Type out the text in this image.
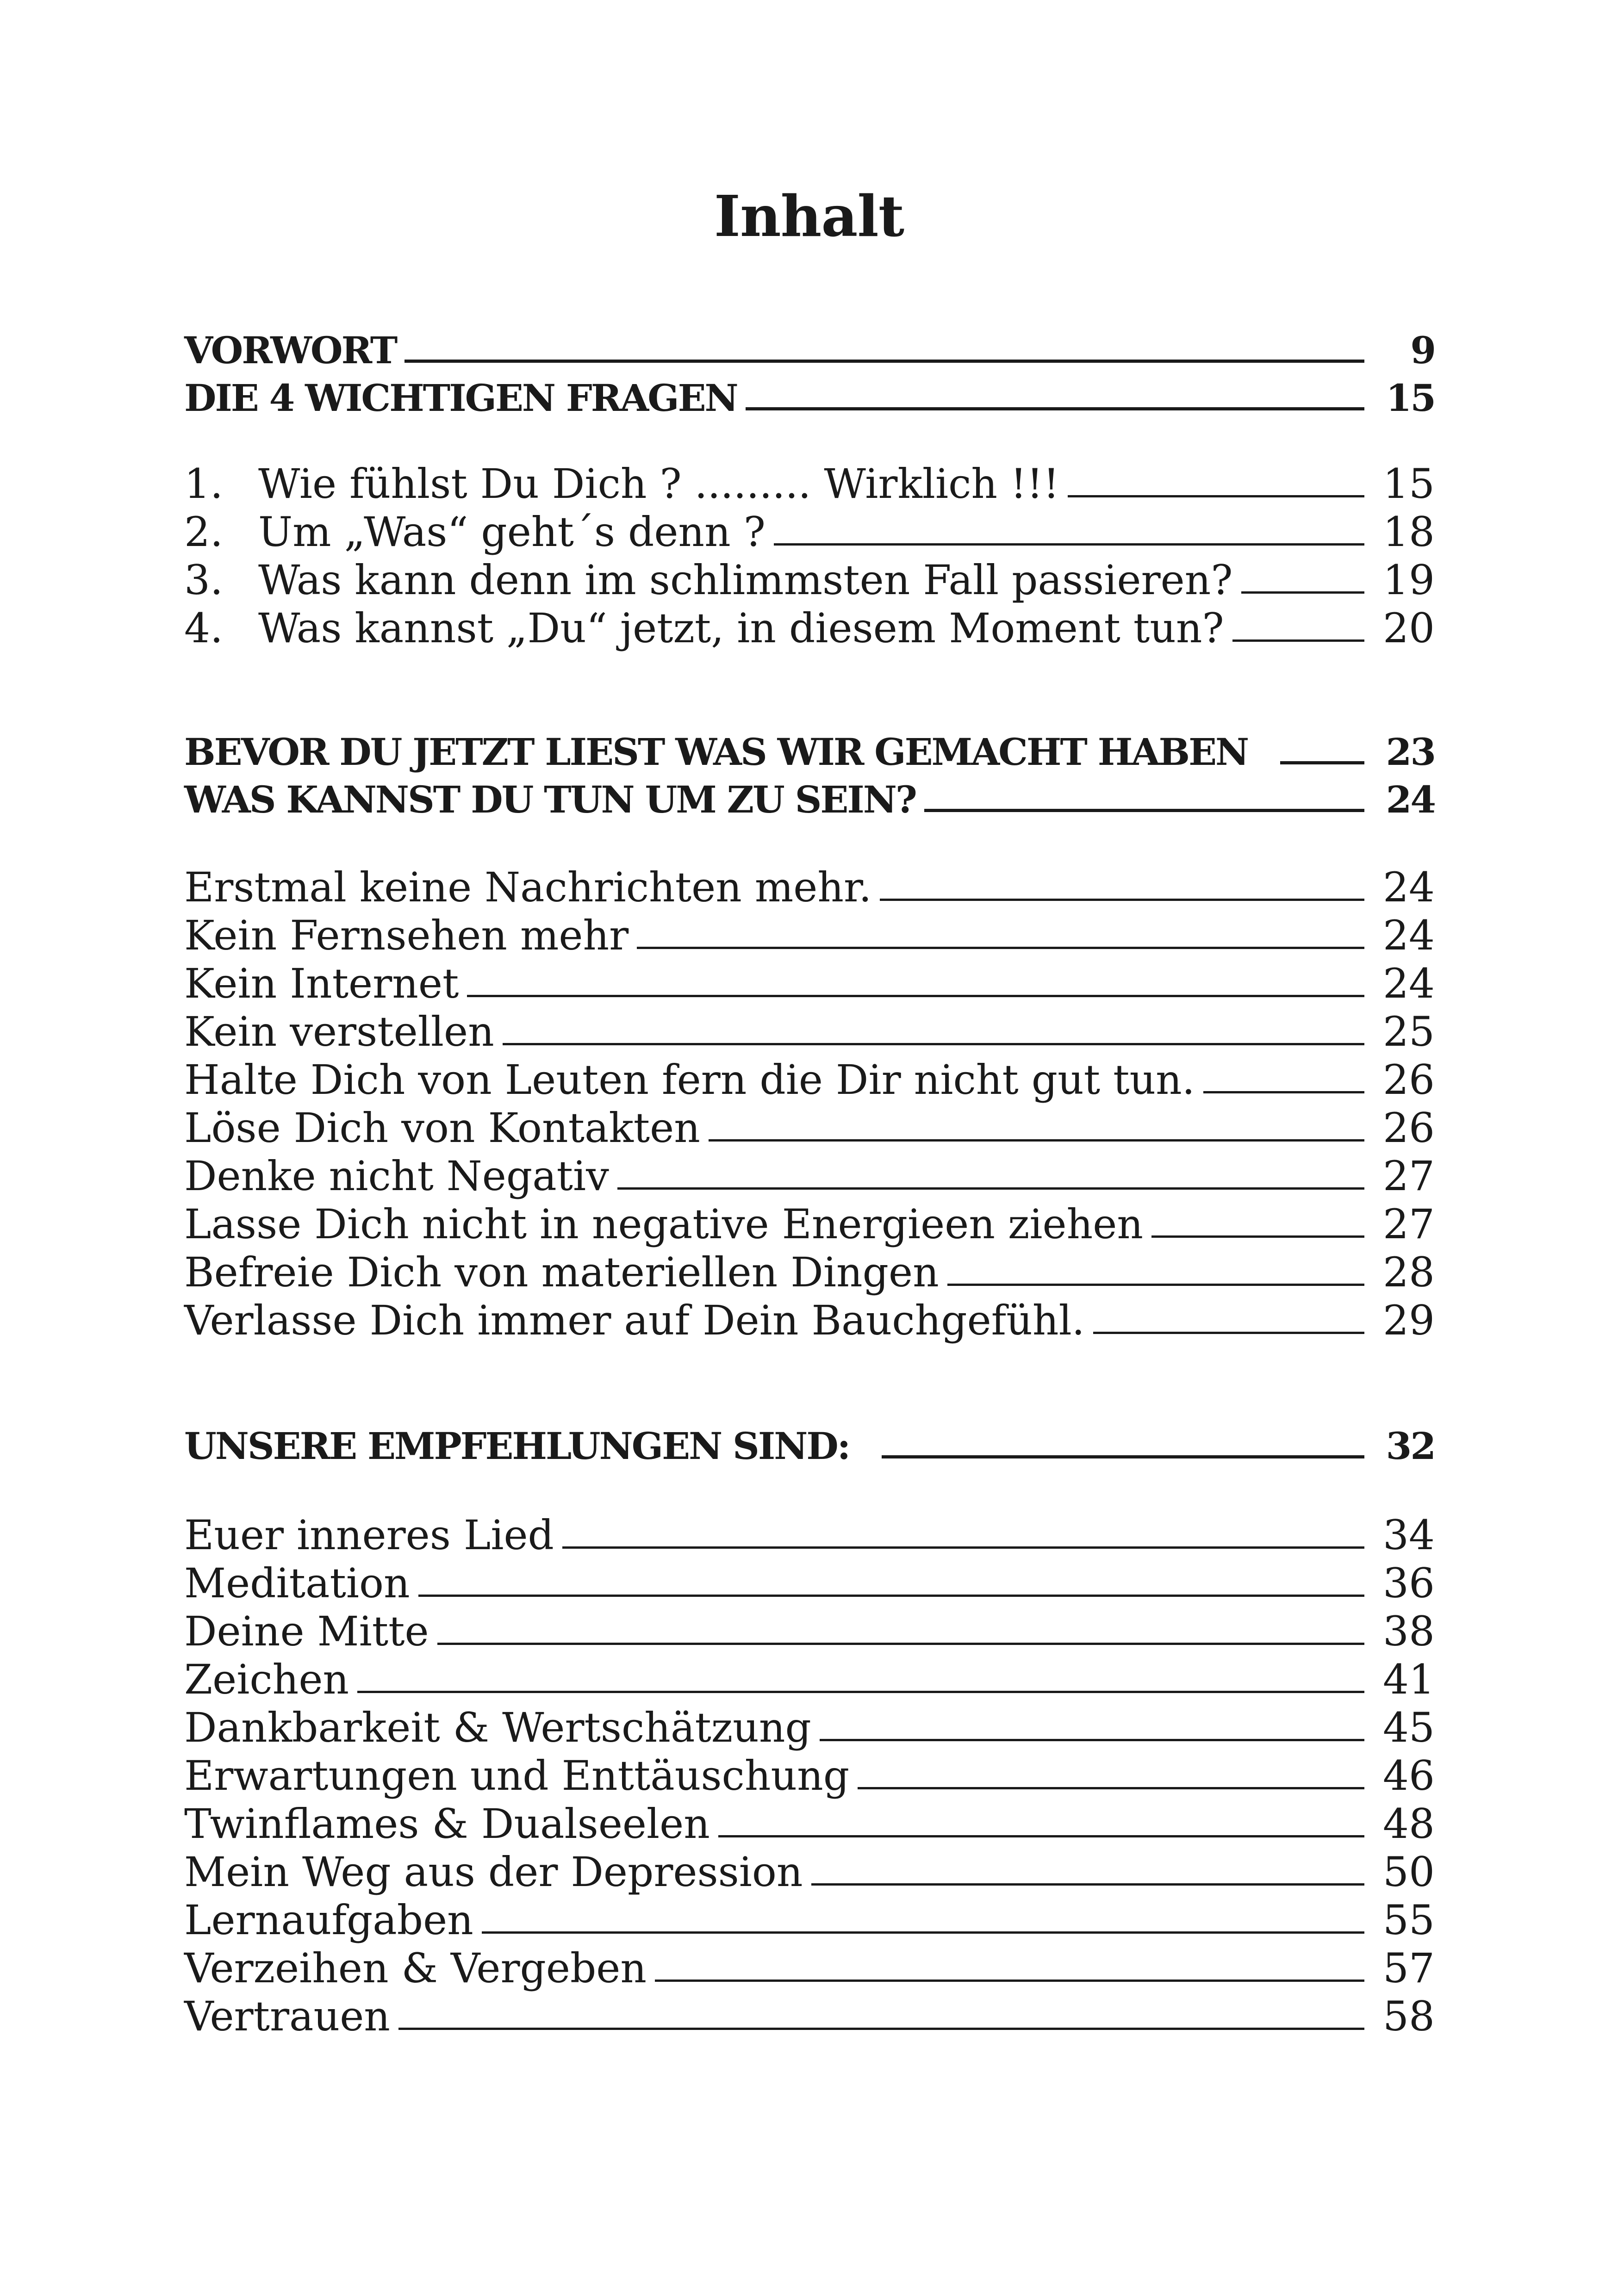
Inhalt
VORWORT	9
DIE 4 WICHTIGEN FRAGEN	15
1. Wie fühlst Du Dich ? ......... Wirklich !!!	15
2. Um „Was“ geht´s denn ?	18
3. Was kann denn im schlimmsten Fall passieren?	19
4. Was kannst „Du“ jetzt, in diesem Moment tun?	20
BEVOR DU JETZT LIEST WAS WIR GEMACHT HABEN	23
WAS KANNST DU TUN UM ZU SEIN?	24
Erstmal keine Nachrichten mehr.	24
Kein Fernsehen mehr	24
Kein Internet	24
Kein verstellen	25
Halte Dich von Leuten fern die Dir nicht gut tun.	26
Löse Dich von Kontakten	26
Denke nicht Negativ	27
Lasse Dich nicht in negative Energieen ziehen	27
Befreie Dich von materiellen Dingen	28
Verlasse Dich immer auf Dein Bauchgefühl.	29
UNSERE EMPFEHLUNGEN SIND:	32
Euer inneres Lied	34
Meditation	36
Deine Mitte	38
Zeichen	41
Dankbarkeit & Wertschätzung	45
Erwartungen und Enttäuschung	46
Twinflames & Dualseelen	48
Mein Weg aus der Depression	50
Lernaufgaben	55
Verzeihen & Vergeben	57
Vertrauen	58
